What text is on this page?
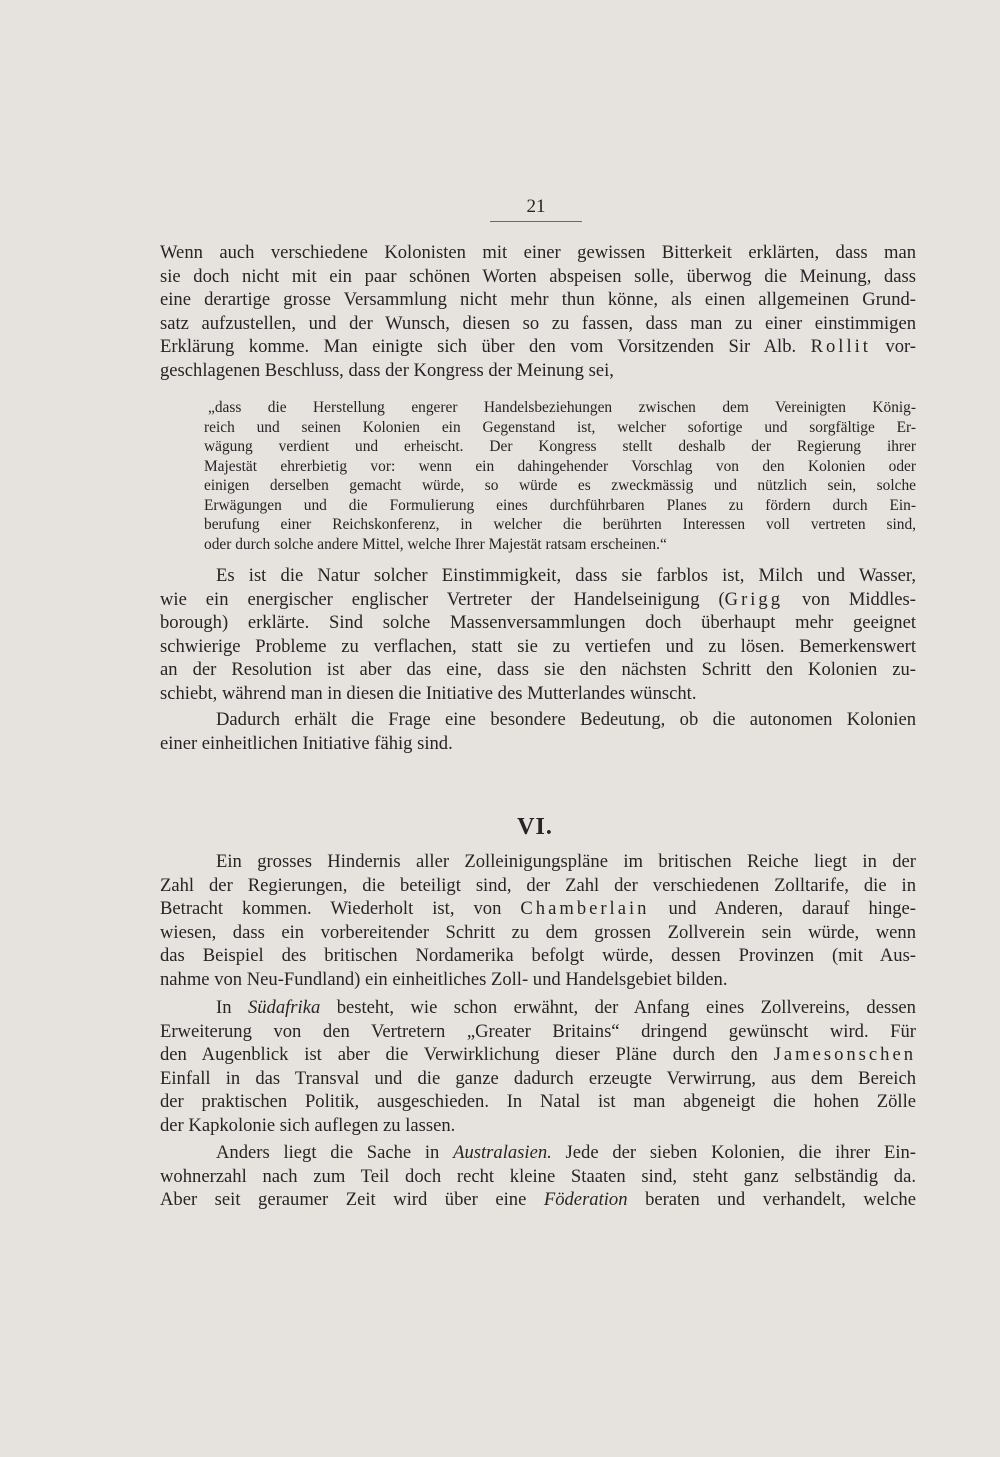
21

Wenn auch verschiedene Kolonisten mit einer gewissen Bitterkeit erklärten, dass man

sie doch nicht mit ein paar schönen Worten abspeisen solle, überwog die Meinung, dass

eine derartige grosse Versammlung nicht mehr thun könne, als einen allgemeinen Grund-

satz aufzustellen, und der Wunsch, diesen so zu fassen, dass man zu einer einstimmigen

Erklärung komme. Man einigte sich über den vom Vorsitzenden Sir Alb. Rollit vor-

geschlagenen Beschluss, dass der Kongress der Meinung sei,

„dass die Herstellung engerer Handelsbeziehungen zwischen dem Vereinigten König-

reich und seinen Kolonien ein Gegenstand ist, welcher sofortige und sorgfältige Er-

wägung verdient und erheischt. Der Kongress stellt deshalb der Regierung ihrer

Majestät ehrerbietig vor: wenn ein dahingehender Vorschlag von den Kolonien oder

einigen derselben gemacht würde, so würde es zweckmässig und nützlich sein, solche

Erwägungen und die Formulierung eines durchführbaren Planes zu fördern durch Ein-

berufung einer Reichskonferenz, in welcher die berührten Interessen voll vertreten sind,

oder durch solche andere Mittel, welche Ihrer Majestät ratsam erscheinen.“

Es ist die Natur solcher Einstimmigkeit, dass sie farblos ist, Milch und Wasser,

wie ein energischer englischer Vertreter der Handelseinigung (Grigg von Middles-

borough) erklärte. Sind solche Massenversammlungen doch überhaupt mehr geeignet

schwierige Probleme zu verflachen, statt sie zu vertiefen und zu lösen. Bemerkenswert

an der Resolution ist aber das eine, dass sie den nächsten Schritt den Kolonien zu-

schiebt, während man in diesen die Initiative des Mutterlandes wünscht.

Dadurch erhält die Frage eine besondere Bedeutung, ob die autonomen Kolonien

einer einheitlichen Initiative fähig sind.

VI.

Ein grosses Hindernis aller Zolleinigungspläne im britischen Reiche liegt in der

Zahl der Regierungen, die beteiligt sind, der Zahl der verschiedenen Zolltarife, die in

Betracht kommen. Wiederholt ist, von Chamberlain und Anderen, darauf hinge-

wiesen, dass ein vorbereitender Schritt zu dem grossen Zollverein sein würde, wenn

das Beispiel des britischen Nordamerika befolgt würde, dessen Provinzen (mit Aus-

nahme von Neu-Fundland) ein einheitliches Zoll- und Handelsgebiet bilden.

In Südafrika besteht, wie schon erwähnt, der Anfang eines Zollvereins, dessen

Erweiterung von den Vertretern „Greater Britains“ dringend gewünscht wird. Für

den Augenblick ist aber die Verwirklichung dieser Pläne durch den Jamesonschen

Einfall in das Transval und die ganze dadurch erzeugte Verwirrung, aus dem Bereich

der praktischen Politik, ausgeschieden. In Natal ist man abgeneigt die hohen Zölle

der Kapkolonie sich auflegen zu lassen.

Anders liegt die Sache in Australasien. Jede der sieben Kolonien, die ihrer Ein-

wohnerzahl nach zum Teil doch recht kleine Staaten sind, steht ganz selbständig da.

Aber seit geraumer Zeit wird über eine Föderation beraten und verhandelt, welche
